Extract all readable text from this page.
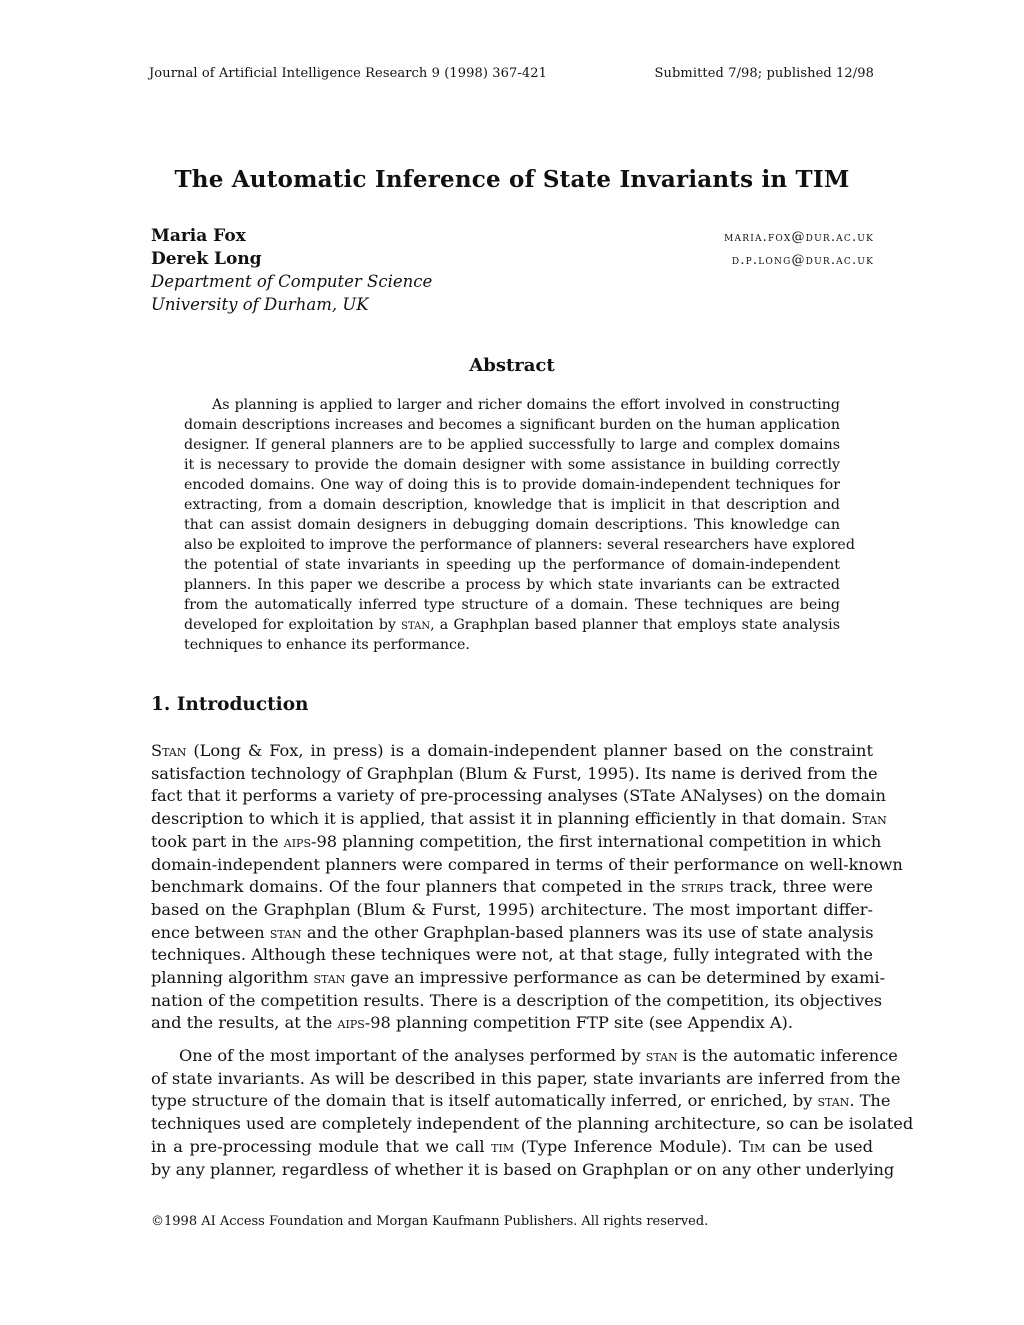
Journal of Artificial Intelligence Research 9 (1998) 367-421	Submitted 7/98; published 12/98
The Automatic Inference of State Invariants in TIM
Maria Fox	maria.fox@dur.ac.uk
Derek Long	d.p.long@dur.ac.uk
Department of Computer Science
University of Durham, UK
Abstract
As planning is applied to larger and richer domains the effort involved in constructing
domain descriptions increases and becomes a significant burden on the human application
designer. If general planners are to be applied successfully to large and complex domains
it is necessary to provide the domain designer with some assistance in building correctly
encoded domains. One way of doing this is to provide domain-independent techniques for
extracting, from a domain description, knowledge that is implicit in that description and
that can assist domain designers in debugging domain descriptions. This knowledge can
also be exploited to improve the performance of planners: several researchers have explored
the potential of state invariants in speeding up the performance of domain-independent
planners. In this paper we describe a process by which state invariants can be extracted
from the automatically inferred type structure of a domain. These techniques are being
developed for exploitation by stan, a Graphplan based planner that employs state analysis
techniques to enhance its performance.
1. Introduction
Stan (Long & Fox, in press) is a domain-independent planner based on the constraint
satisfaction technology of Graphplan (Blum & Furst, 1995). Its name is derived from the
fact that it performs a variety of pre-processing analyses (STate ANalyses) on the domain
description to which it is applied, that assist it in planning efficiently in that domain. Stan
took part in the aips-98 planning competition, the first international competition in which
domain-independent planners were compared in terms of their performance on well-known
benchmark domains. Of the four planners that competed in the strips track, three were
based on the Graphplan (Blum & Furst, 1995) architecture. The most important differ-
ence between stan and the other Graphplan-based planners was its use of state analysis
techniques. Although these techniques were not, at that stage, fully integrated with the
planning algorithm stan gave an impressive performance as can be determined by exami-
nation of the competition results. There is a description of the competition, its objectives
and the results, at the aips-98 planning competition FTP site (see Appendix A).
One of the most important of the analyses performed by stan is the automatic inference
of state invariants. As will be described in this paper, state invariants are inferred from the
type structure of the domain that is itself automatically inferred, or enriched, by stan. The
techniques used are completely independent of the planning architecture, so can be isolated
in a pre-processing module that we call tim (Type Inference Module). Tim can be used
by any planner, regardless of whether it is based on Graphplan or on any other underlying
©1998 AI Access Foundation and Morgan Kaufmann Publishers. All rights reserved.
